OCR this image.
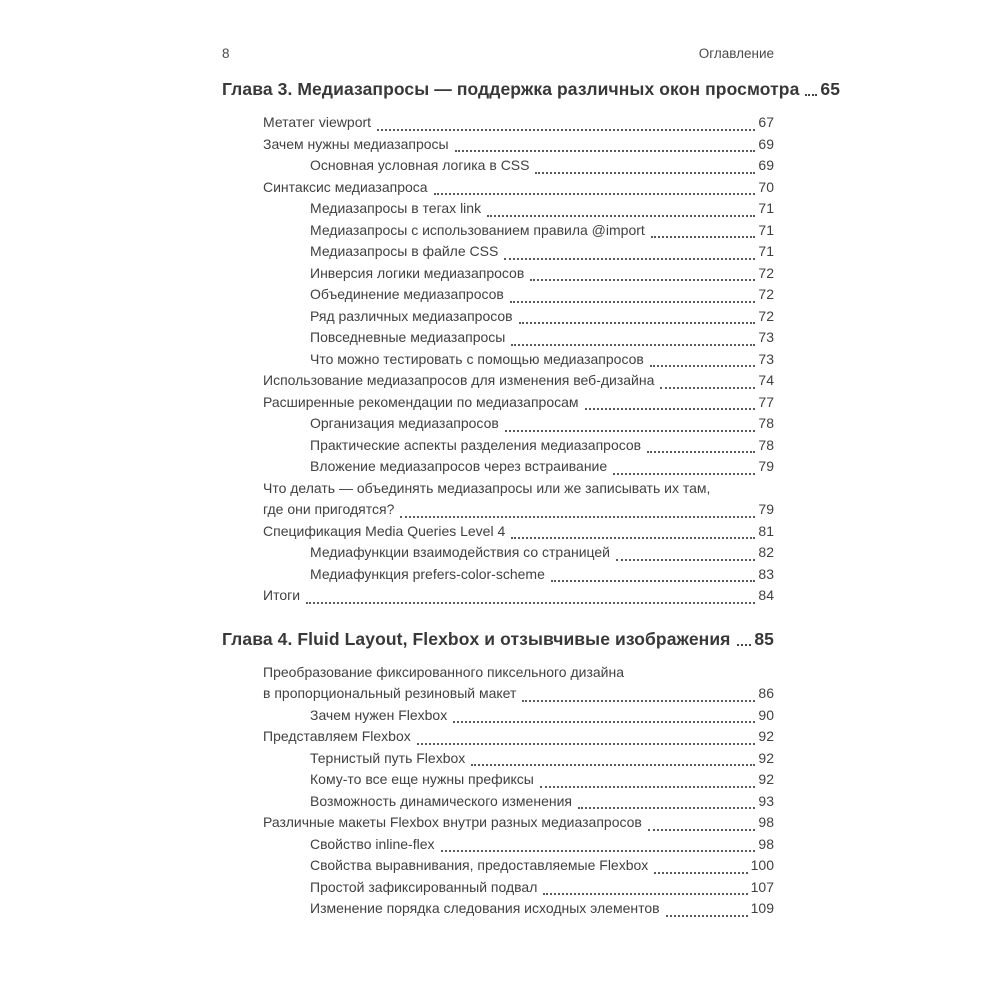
8	Оглавление
Глава 3. Медиазапросы — поддержка различных окон просмотра 65
Метатег viewport	67
Зачем нужны медиазапросы	69
Основная условная логика в CSS	69
Синтаксис медиазапроса	70
Медиазапросы в тегах link	71
Медиазапросы с использованием правила @import	71
Медиазапросы в файле CSS	71
Инверсия логики медиазапросов	72
Объединение медиазапросов	72
Ряд различных медиазапросов	72
Повседневные медиазапросы	73
Что можно тестировать с помощью медиазапросов	73
Использование медиазапросов для изменения веб-дизайна	74
Расширенные рекомендации по медиазапросам	77
Организация медиазапросов	78
Практические аспекты разделения медиазапросов	78
Вложение медиазапросов через встраивание	79
Что делать — объединять медиазапросы или же записывать их там,
где они пригодятся?	79
Спецификация Media Queries Level 4	81
Медиафункции взаимодействия со страницей	82
Медиафункция prefers-color-scheme	83
Итоги	84
Глава 4. Fluid Layout, Flexbox и отзывчивые изображения 85
Преобразование фиксированного пиксельного дизайна
в пропорциональный резиновый макет	86
Зачем нужен Flexbox	90
Представляем Flexbox	92
Тернистый путь Flexbox	92
Кому-то все еще нужны префиксы	92
Возможность динамического изменения	93
Различные макеты Flexbox внутри разных медиазапросов	98
Свойство inline-flex	98
Свойства выравнивания, предоставляемые Flexbox	100
Простой зафиксированный подвал	107
Изменение порядка следования исходных элементов	109
